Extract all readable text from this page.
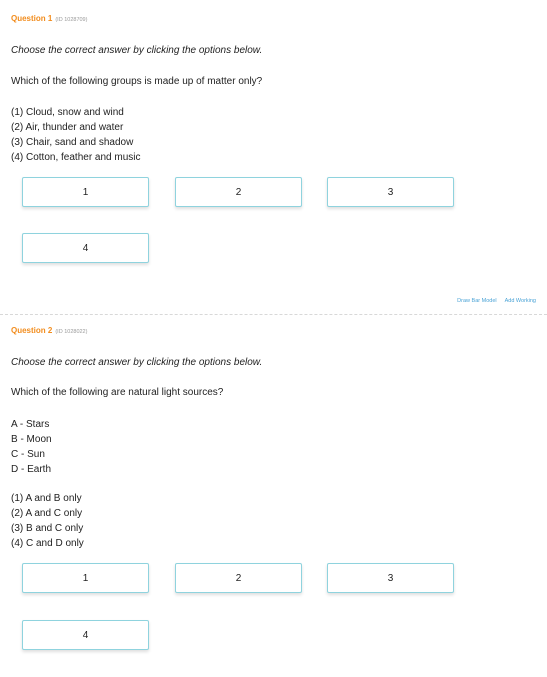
Question 1 (ID 1028709)
Choose the correct answer by clicking the options below.
Which of the following groups is made up of matter only?
(1) Cloud, snow and wind
(2) Air, thunder and water
(3) Chair, sand and shadow
(4) Cotton, feather and music
1	2	3
4
Draw Bar Model Add Working
Question 2 (ID 1028022)
Choose the correct answer by clicking the options below.
Which of the following are natural light sources?
A - Stars
B - Moon
C - Sun
D - Earth
(1) A and B only
(2) A and C only
(3) B and C only
(4) C and D only
1	2	3
4
